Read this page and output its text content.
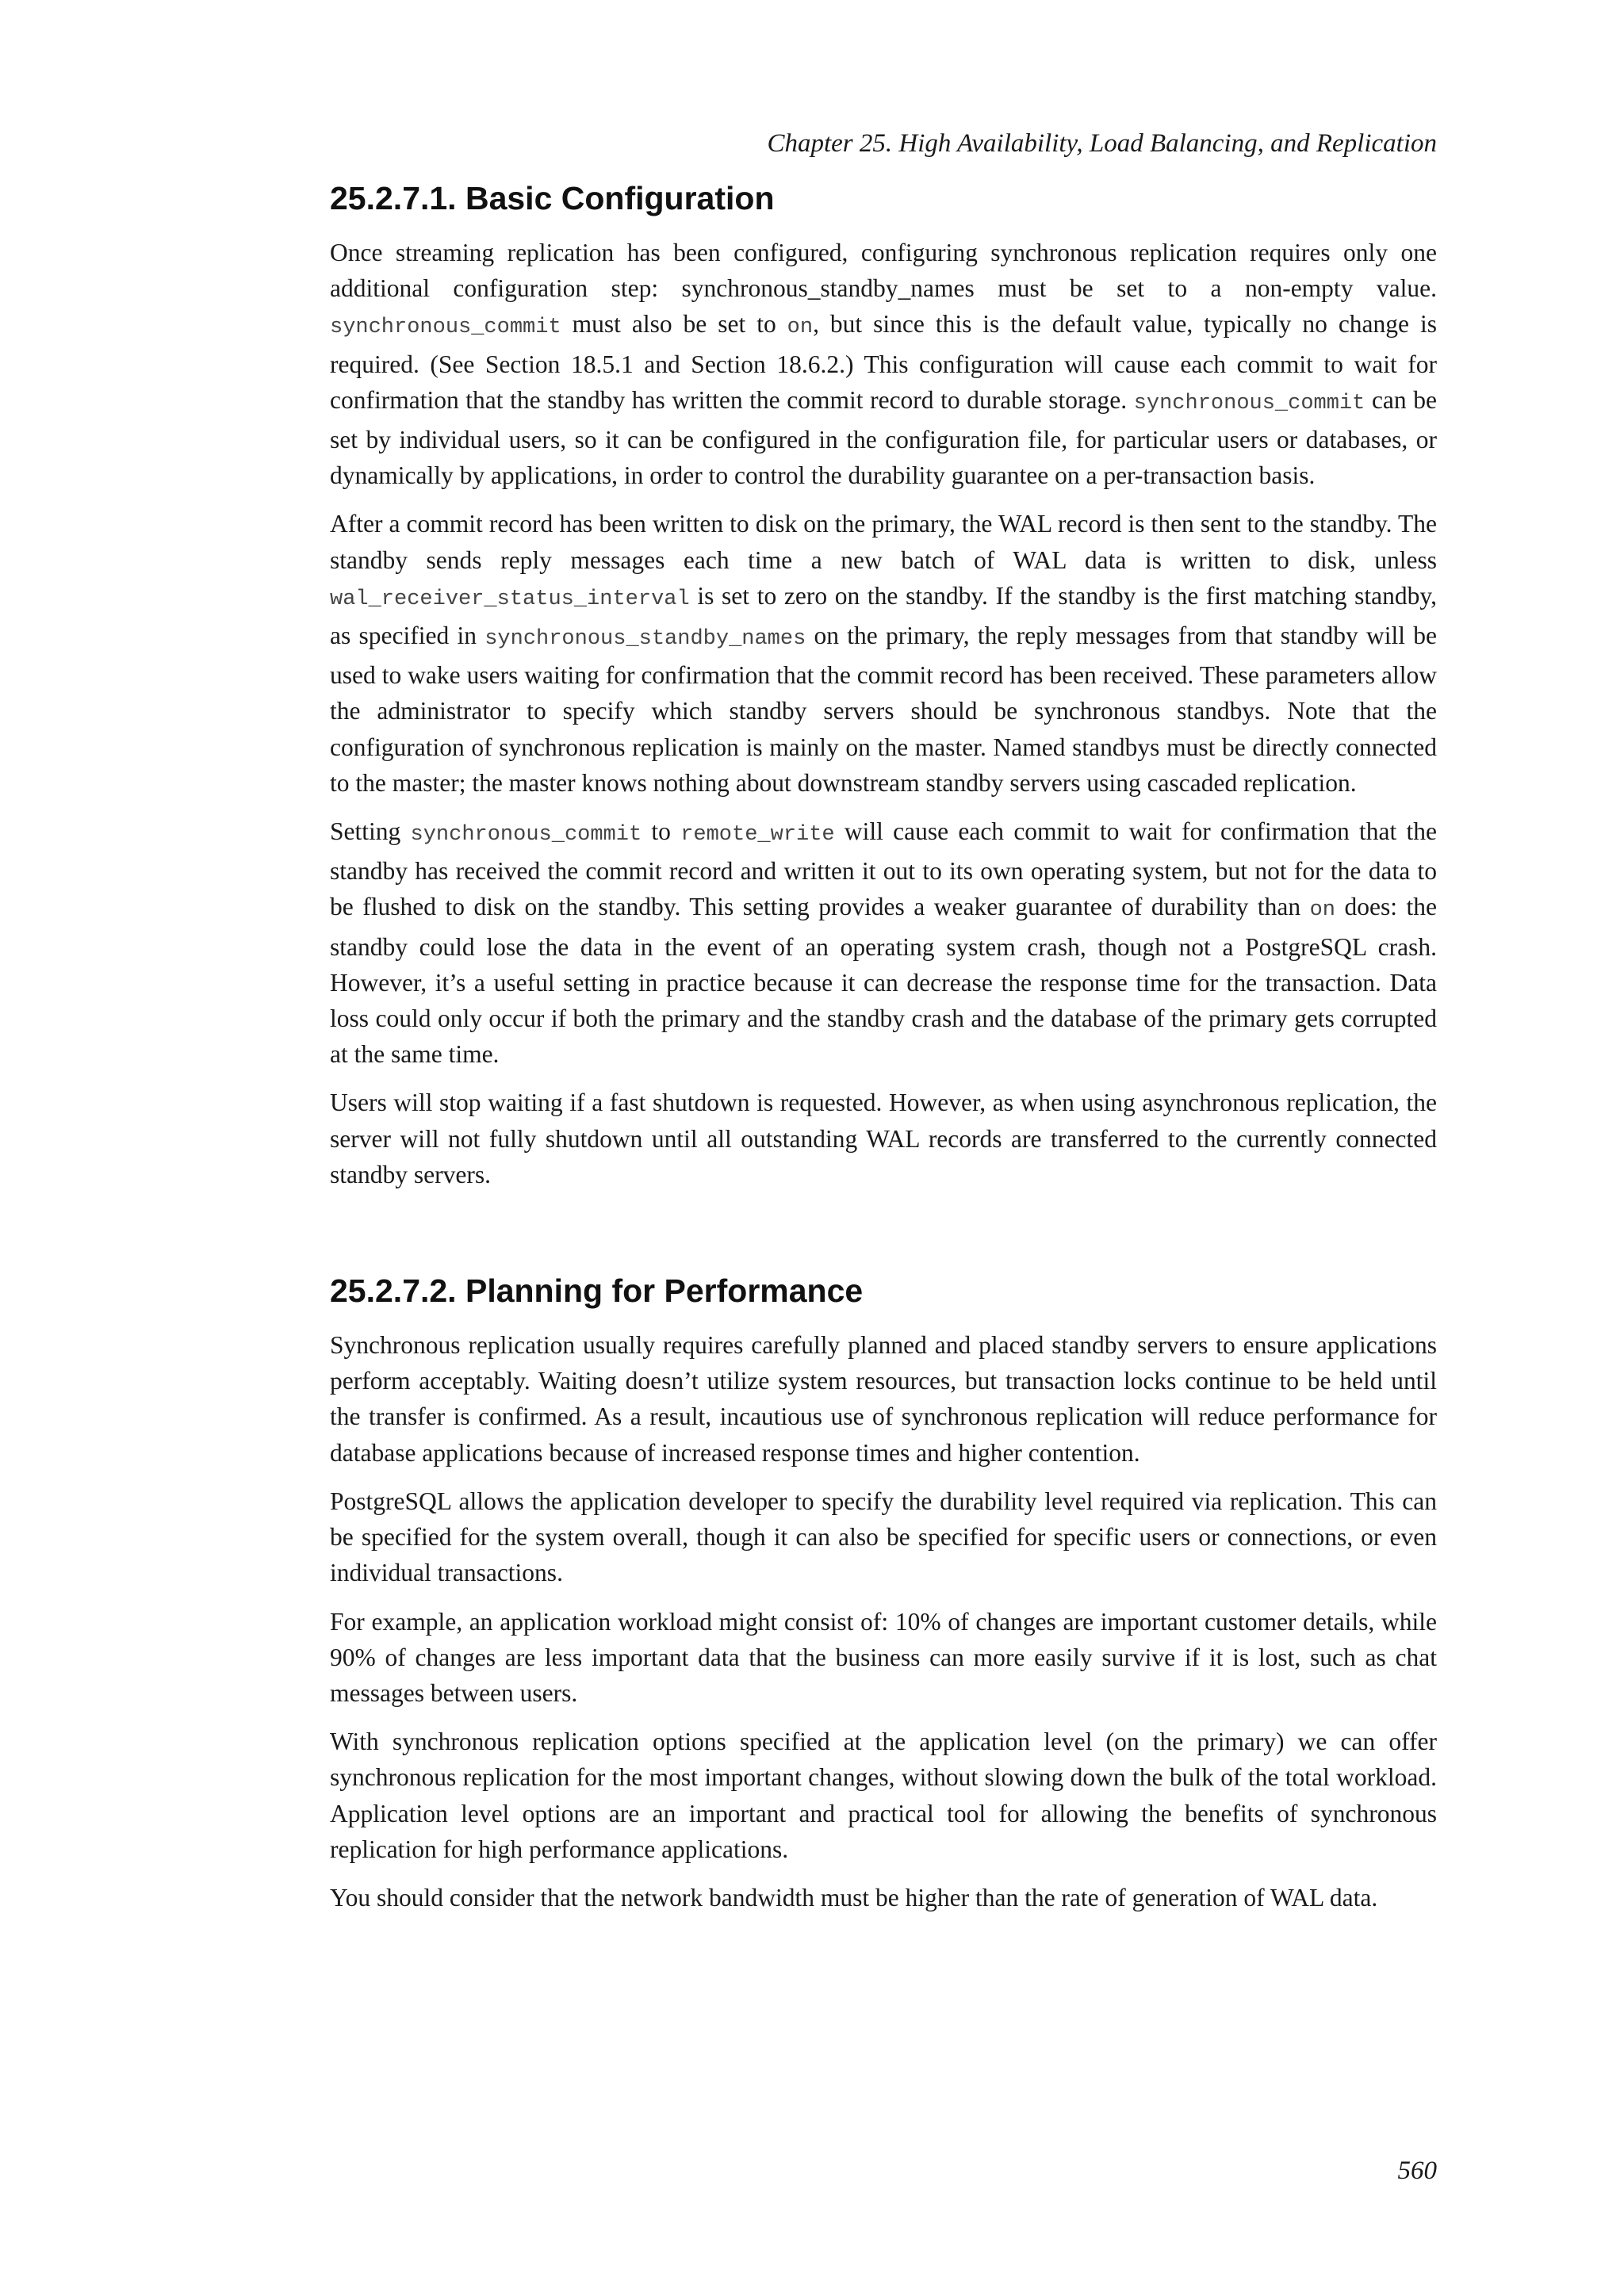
Chapter 25. High Availability, Load Balancing, and Replication
25.2.7.1. Basic Configuration

Once streaming replication has been configured, configuring synchronous replication requires only one additional configuration step: synchronous_standby_names must be set to a non-empty value. synchronous_commit must also be set to on, but since this is the default value, typically no change is required. (See Section 18.5.1 and Section 18.6.2.) This configuration will cause each commit to wait for confirmation that the standby has written the commit record to durable storage. synchronous_commit can be set by individual users, so it can be configured in the configuration file, for particular users or databases, or dynamically by applications, in order to control the durability guarantee on a per-transaction basis.

After a commit record has been written to disk on the primary, the WAL record is then sent to the standby. The standby sends reply messages each time a new batch of WAL data is written to disk, unless wal_receiver_status_interval is set to zero on the standby. If the standby is the first matching standby, as specified in synchronous_standby_names on the primary, the reply messages from that standby will be used to wake users waiting for confirmation that the commit record has been received. These parameters allow the administrator to specify which standby servers should be synchronous standbys. Note that the configuration of synchronous replication is mainly on the master. Named standbys must be directly connected to the master; the master knows nothing about downstream standby servers using cascaded replication.

Setting synchronous_commit to remote_write will cause each commit to wait for confirmation that the standby has received the commit record and written it out to its own operating system, but not for the data to be flushed to disk on the standby. This setting provides a weaker guarantee of durability than on does: the standby could lose the data in the event of an operating system crash, though not a PostgreSQL crash. However, it’s a useful setting in practice because it can decrease the response time for the transaction. Data loss could only occur if both the primary and the standby crash and the database of the primary gets corrupted at the same time.

Users will stop waiting if a fast shutdown is requested. However, as when using asynchronous replication, the server will not fully shutdown until all outstanding WAL records are transferred to the currently connected standby servers.

25.2.7.2. Planning for Performance

Synchronous replication usually requires carefully planned and placed standby servers to ensure applications perform acceptably. Waiting doesn’t utilize system resources, but transaction locks continue to be held until the transfer is confirmed. As a result, incautious use of synchronous replication will reduce performance for database applications because of increased response times and higher contention.

PostgreSQL allows the application developer to specify the durability level required via replication. This can be specified for the system overall, though it can also be specified for specific users or connections, or even individual transactions.

For example, an application workload might consist of: 10% of changes are important customer details, while 90% of changes are less important data that the business can more easily survive if it is lost, such as chat messages between users.

With synchronous replication options specified at the application level (on the primary) we can offer synchronous replication for the most important changes, without slowing down the bulk of the total workload. Application level options are an important and practical tool for allowing the benefits of synchronous replication for high performance applications.

You should consider that the network bandwidth must be higher than the rate of generation of WAL data.

560
